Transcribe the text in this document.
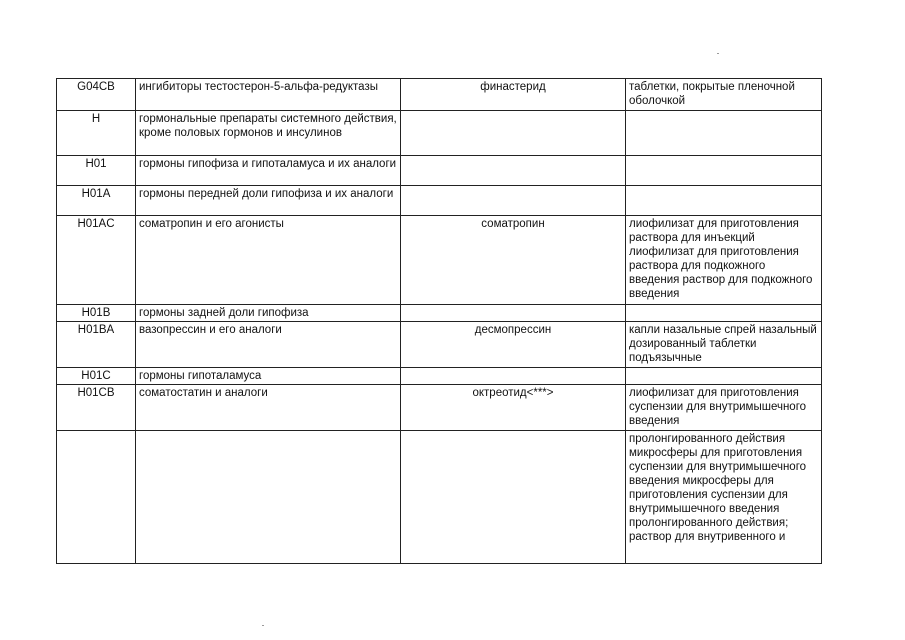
G04CB	ингибиторы тестостерон-5-альфа-редуктазы	финастерид	таблетки, покрытые пленочной оболочкой
H	гормональные препараты системного действия, кроме половых гормонов и инсулинов		
H01	гормоны гипофиза и гипоталамуса и их аналоги		
H01A	гормоны передней доли гипофиза и их аналоги		
H01AC	соматропин и его агонисты	соматропин	лиофилизат для приготовления раствора для инъекций лиофилизат для приготовления раствора для подкожного введения раствор для подкожного введения
H01B	гормоны задней доли гипофиза		
H01BA	вазопрессин и его аналоги	десмопрессин	капли назальные спрей назальный дозированный таблетки подъязычные
H01C	гормоны гипоталамуса		
H01CB	соматостатин и аналоги	октреотид<***>	лиофилизат для приготовления суспензии для внутримышечного введения
			пролонгированного действия микросферы для приготовления суспензии для внутримышечного введения микросферы для приготовления суспензии для внутримышечного введения пролонгированного действия; раствор для внутривенного и
